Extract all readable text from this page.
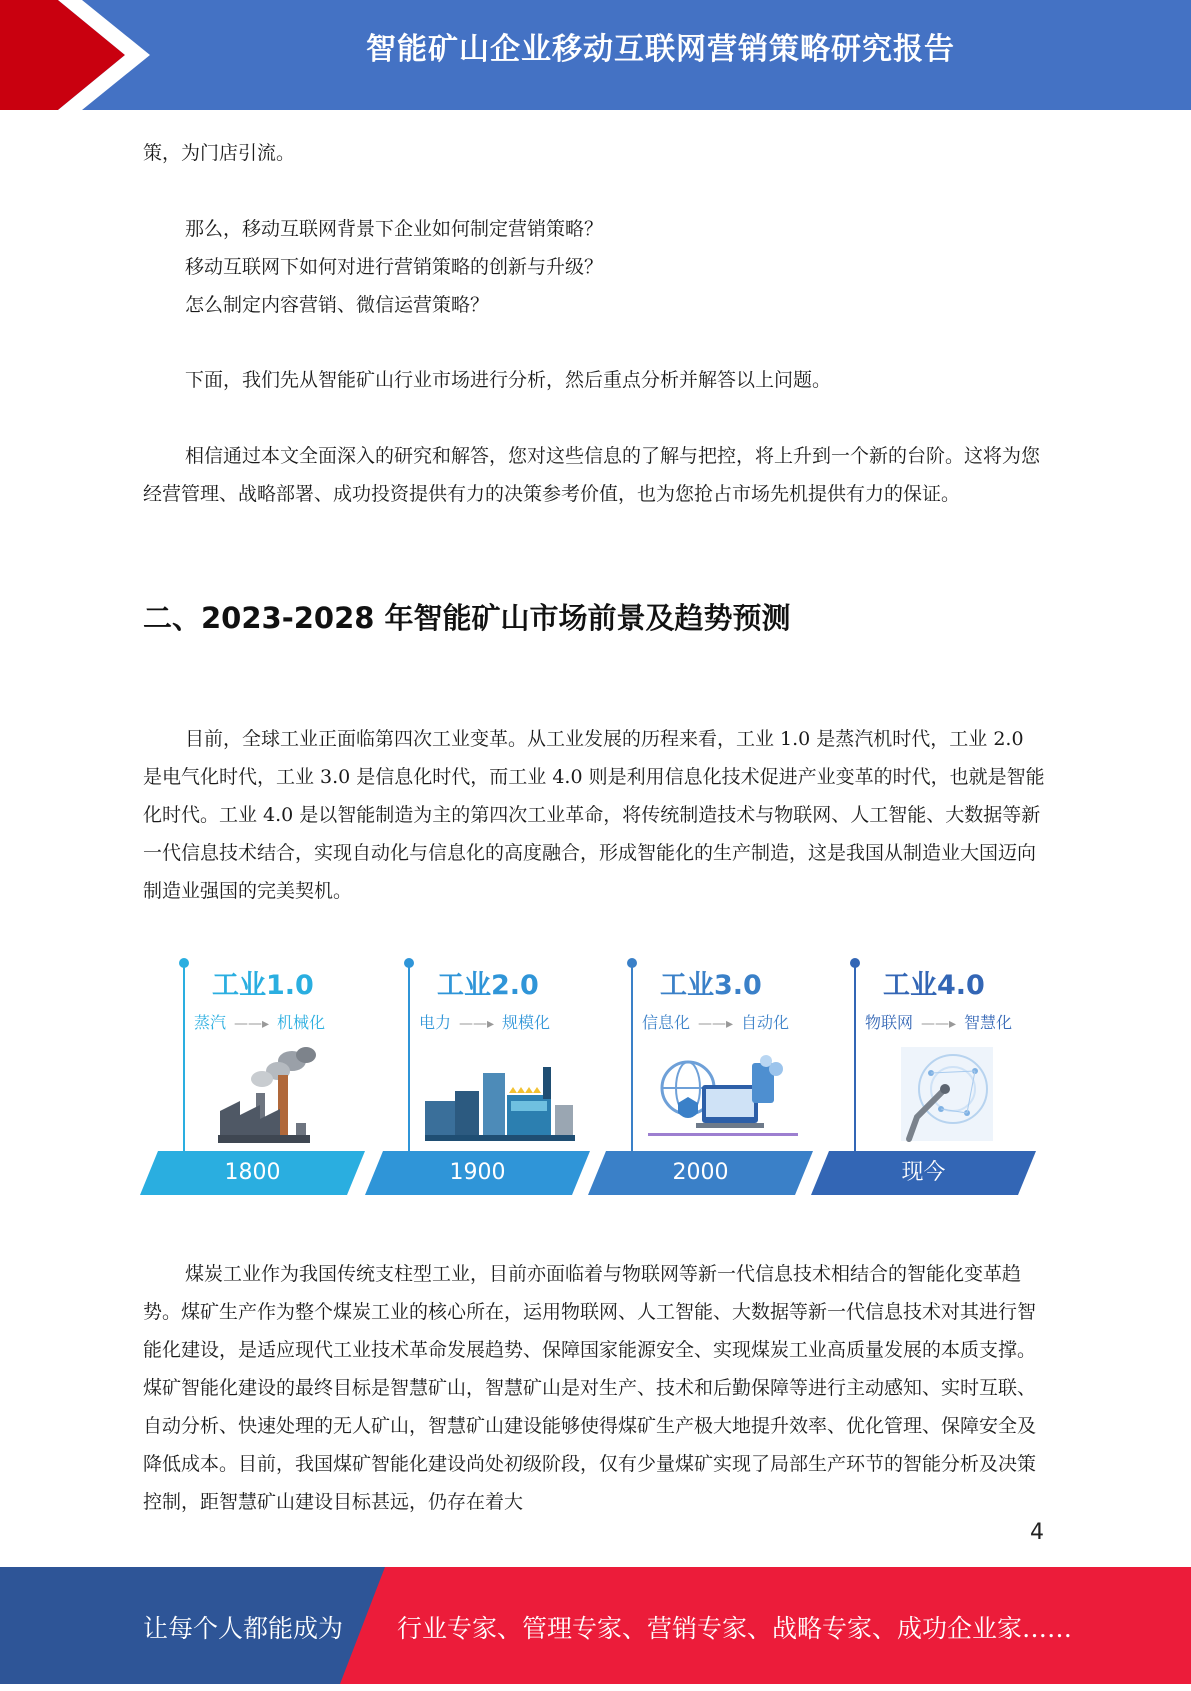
智能矿山企业移动互联网营销策略研究报告

策，为门店引流。

那么，移动互联网背景下企业如何制定营销策略？

移动互联网下如何对进行营销策略的创新与升级？

怎么制定内容营销、微信运营策略？

下面，我们先从智能矿山行业市场进行分析，然后重点分析并解答以上问题。

相信通过本文全面深入的研究和解答，您对这些信息的了解与把控，将上升到一个新的台阶。这将为您经营管理、战略部署、成功投资提供有力的决策参考价值，也为您抢占市场先机提供有力的保证。

二、2023-2028 年智能矿山市场前景及趋势预测

目前，全球工业正面临第四次工业变革。从工业发展的历程来看，工业 1.0 是蒸汽机时代，工业 2.0 是电气化时代，工业 3.0 是信息化时代，而工业 4.0 则是利用信息化技术促进产业变革的时代，也就是智能化时代。工业 4.0 是以智能制造为主的第四次工业革命，将传统制造技术与物联网、人工智能、大数据等新一代信息技术结合，实现自动化与信息化的高度融合，形成智能化的生产制造，这是我国从制造业大国迈向制造业强国的完美契机。

工业1.0
蒸汽 ——▸ 机械化
1800
工业2.0
电力 ——▸ 规模化
1900
工业3.0
信息化 ——▸ 自动化
2000
工业4.0
物联网 ——▸ 智慧化
现今

煤炭工业作为我国传统支柱型工业，目前亦面临着与物联网等新一代信息技术相结合的智能化变革趋势。煤矿生产作为整个煤炭工业的核心所在，运用物联网、人工智能、大数据等新一代信息技术对其进行智能化建设，是适应现代工业技术革命发展趋势、保障国家能源安全、实现煤炭工业高质量发展的本质支撑。煤矿智能化建设的最终目标是智慧矿山，智慧矿山是对生产、技术和后勤保障等进行主动感知、实时互联、自动分析、快速处理的无人矿山，智慧矿山建设能够使得煤矿生产极大地提升效率、优化管理、保障安全及降低成本。目前，我国煤矿智能化建设尚处初级阶段，仅有少量煤矿实现了局部生产环节的智能分析及决策控制，距智慧矿山建设目标甚远，仍存在着大

4
让每个人都能成为 行业专家、管理专家、营销专家、战略专家、成功企业家……
